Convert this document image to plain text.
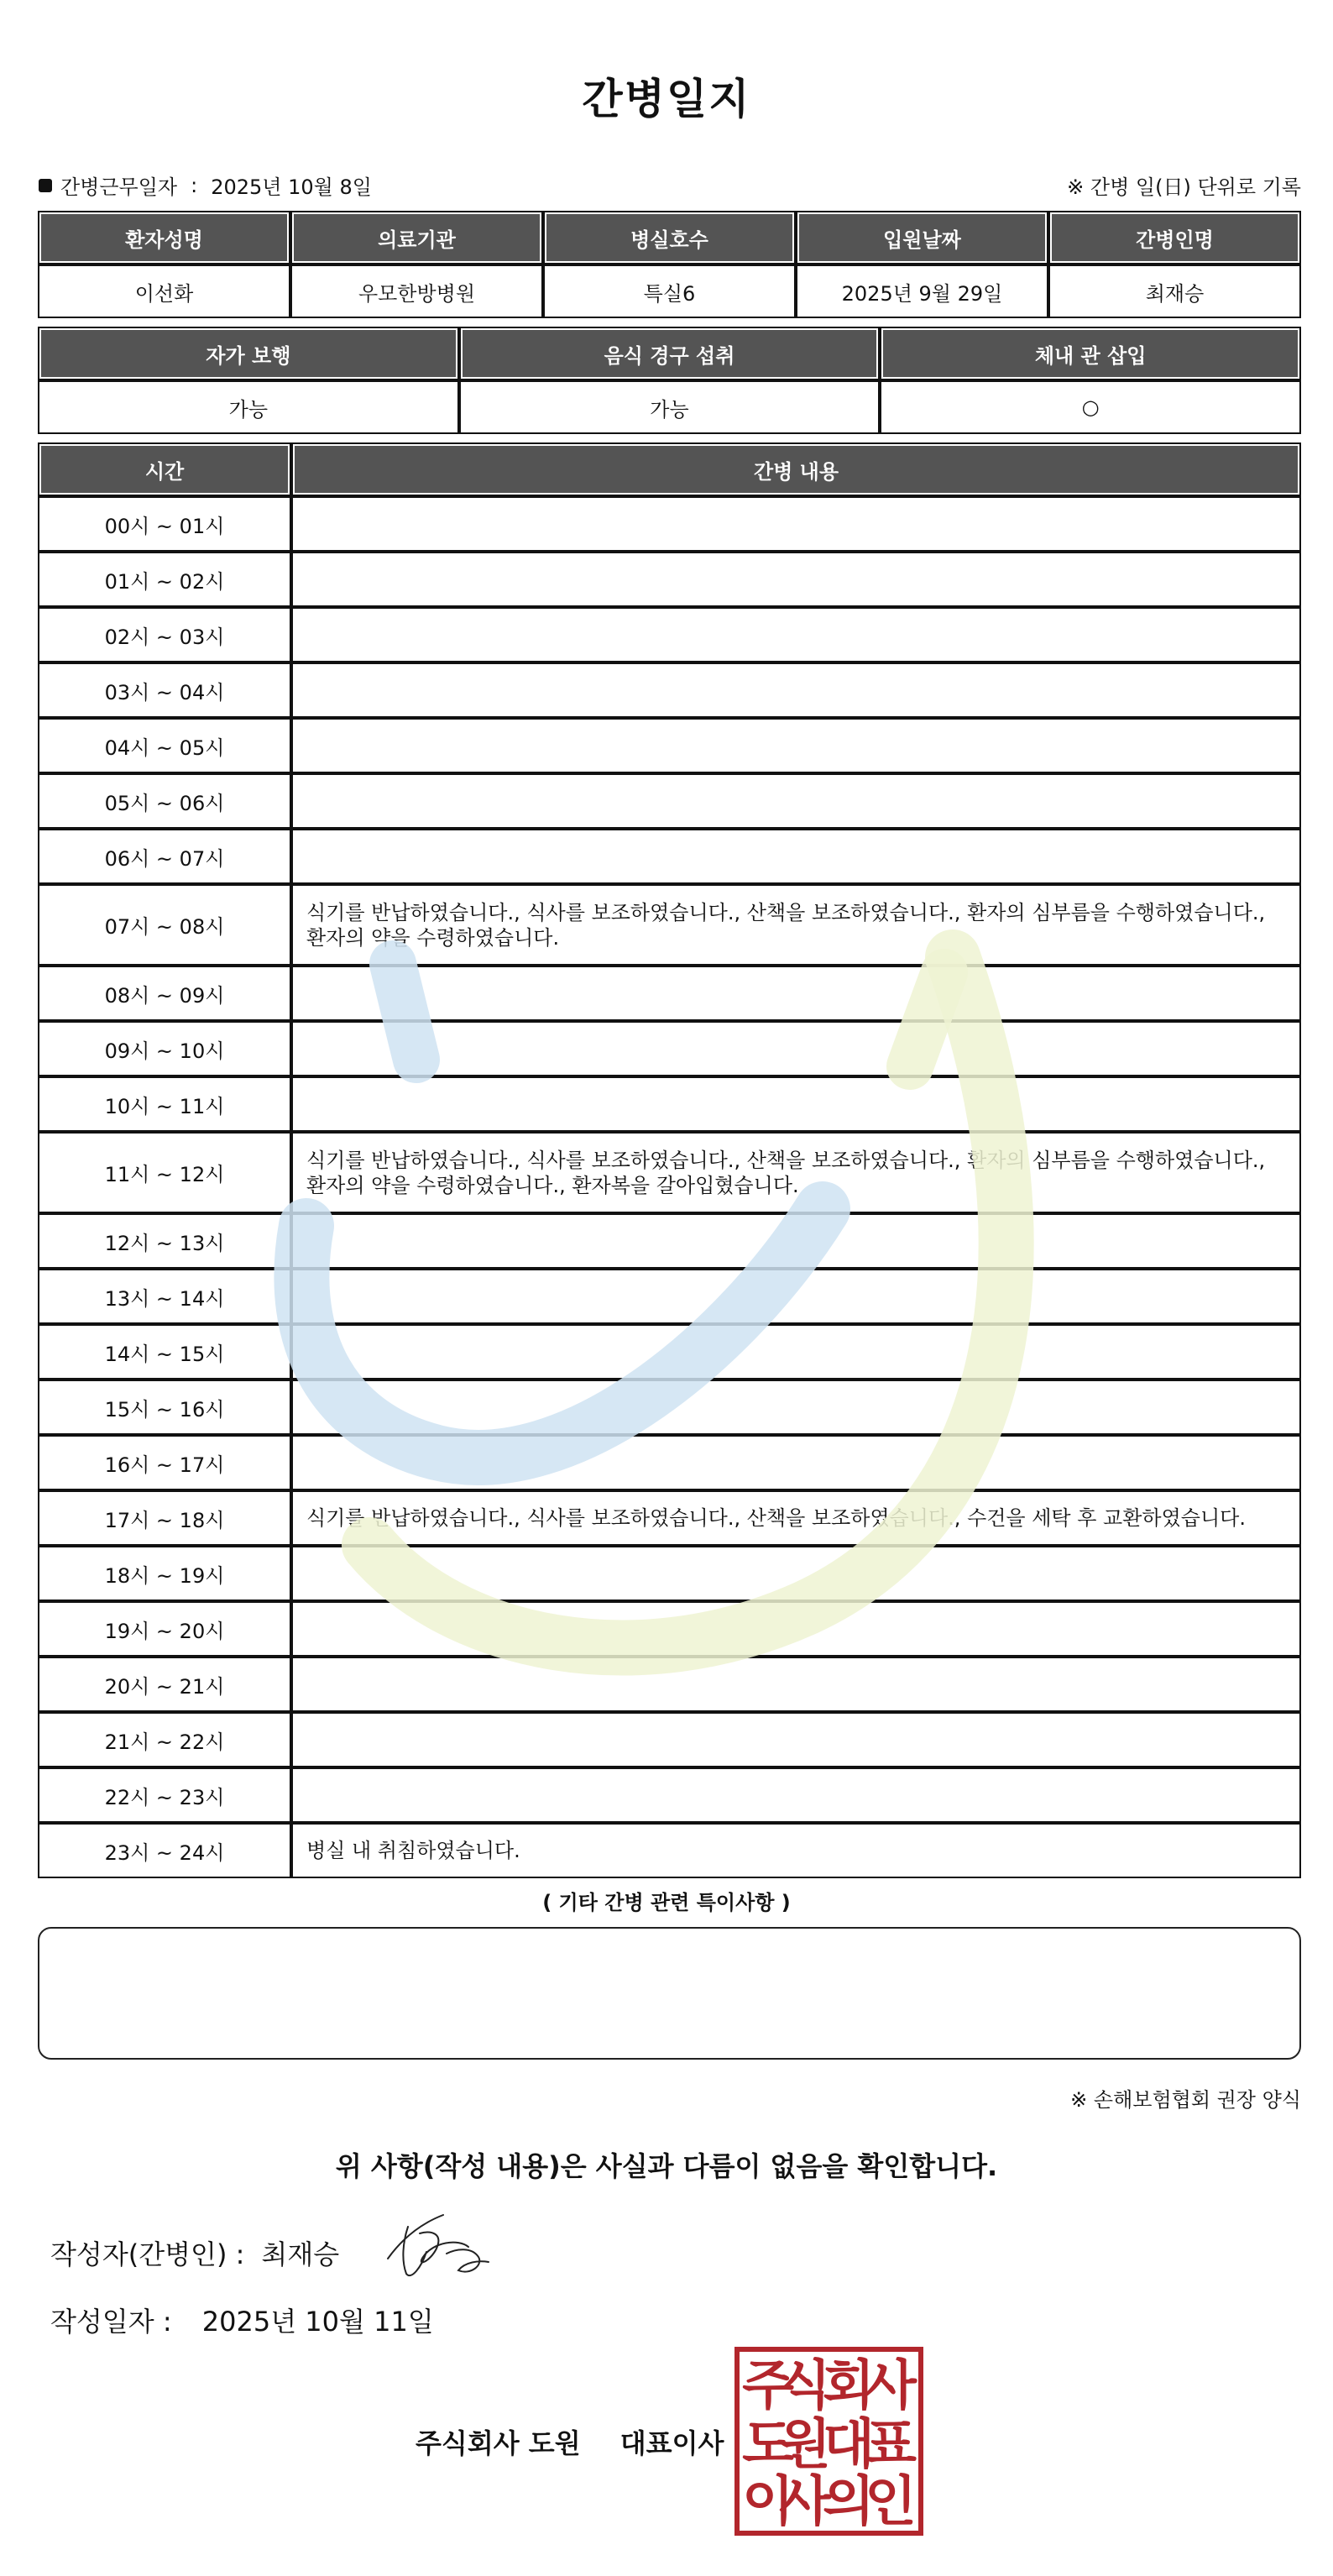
간병일지
간병근무일자 : 2025년 10월 8일	※ 간병 일(日) 단위로 기록
환자성명	의료기관	병실호수	입원날짜	간병인명
이선화	우모한방병원	특실6	2025년 9월 29일	최재승
자가 보행	음식 경구 섭취	체내 관 삽입
가능	가능	○
시간	간병 내용
00시 ~ 01시	
01시 ~ 02시	
02시 ~ 03시	
03시 ~ 04시	
04시 ~ 05시	
05시 ~ 06시	
06시 ~ 07시	
07시 ~ 08시	식기를 반납하였습니다., 식사를 보조하였습니다., 산책을 보조하였습니다., 환자의 심부름을 수행하였습니다., 환자의 약을 수령하였습니다.
08시 ~ 09시	
09시 ~ 10시	
10시 ~ 11시	
11시 ~ 12시	식기를 반납하였습니다., 식사를 보조하였습니다., 산책을 보조하였습니다., 환자의 심부름을 수행하였습니다., 환자의 약을 수령하였습니다., 환자복을 갈아입혔습니다.
12시 ~ 13시	
13시 ~ 14시	
14시 ~ 15시	
15시 ~ 16시	
16시 ~ 17시	
17시 ~ 18시	식기를 반납하였습니다., 식사를 보조하였습니다., 산책을 보조하였습니다., 수건을 세탁 후 교환하였습니다.
18시 ~ 19시	
19시 ~ 20시	
20시 ~ 21시	
21시 ~ 22시	
22시 ~ 23시	
23시 ~ 24시	병실 내 취침하였습니다.
( 기타 간병 관련 특이사항 )
※ 손해보험협회 권장 양식
위 사항(작성 내용)은 사실과 다름이 없음을 확인합니다.
작성자(간병인) : 최재승
작성일자 : 2025년 10월 11일
주식회사 도원 대표이사
주
식
회
사
도
원
대
표
이
사
의
인
